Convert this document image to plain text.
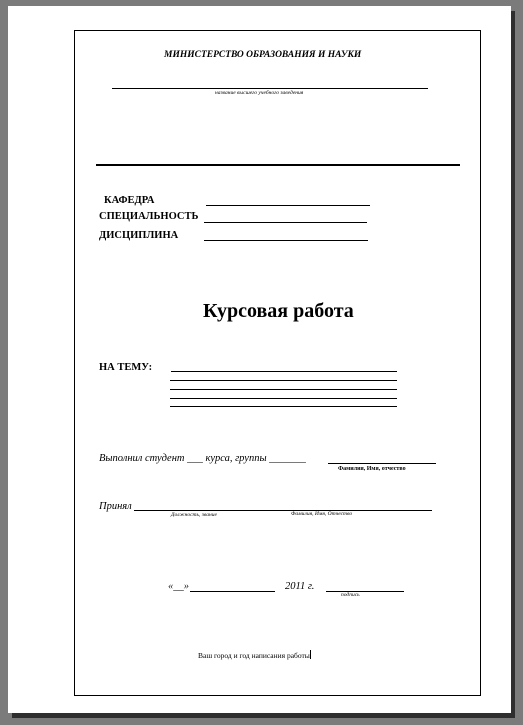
МИНИСТЕРСТВО ОБРАЗОВАНИЯ И НАУКИ
название высшего учебного заведения
КАФЕДРА
СПЕЦИАЛЬНОСТЬ
ДИСЦИПЛИНА
Курсовая работа
НА ТЕМУ:
Выполнил студент ___ курса, группы _______
Фамилия, Имя, отчество
Принял
Должность, звание	Фамилия, Имя, Отчество
«__»	2011 г.
подпись
Ваш город и год написания работы
